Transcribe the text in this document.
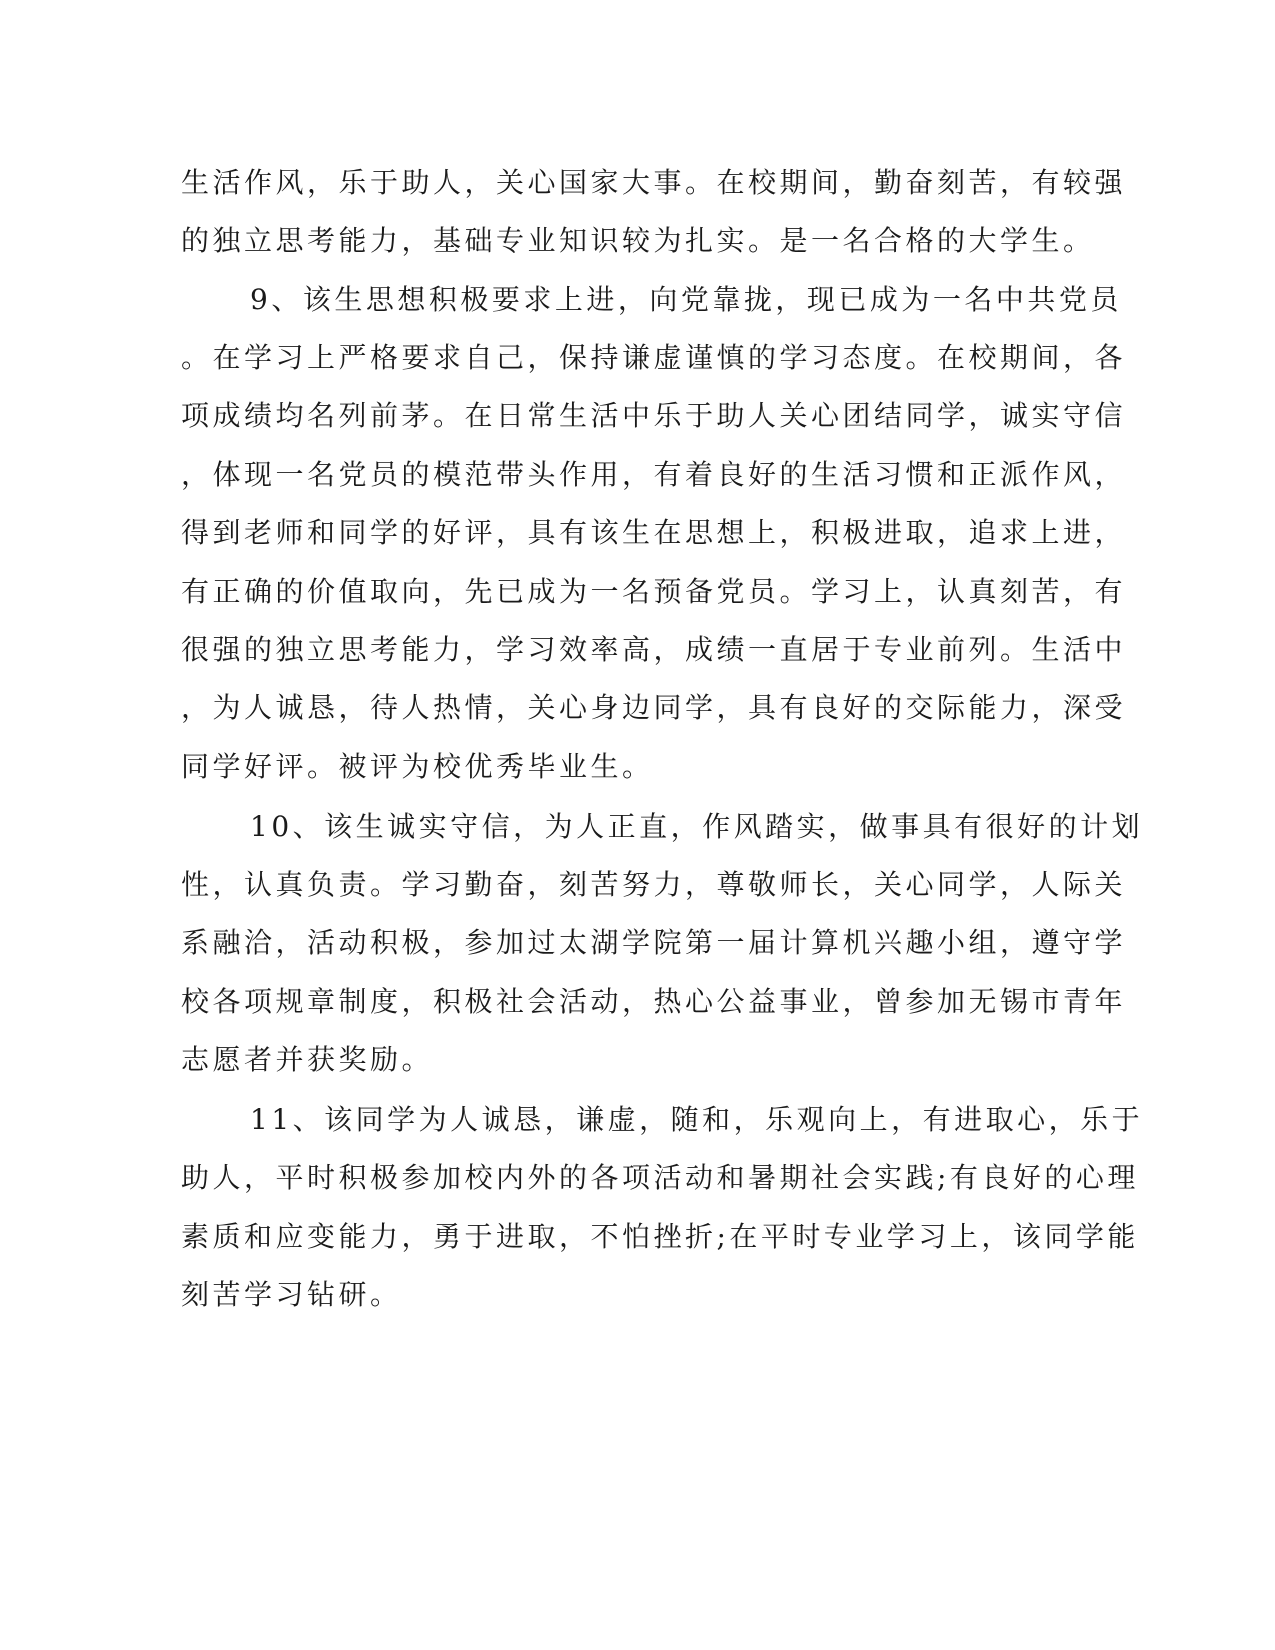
生活作风，乐于助人，关心国家大事。在校期间，勤奋刻苦，有较强
的独立思考能力，基础专业知识较为扎实。是一名合格的大学生。
9、该生思想积极要求上进，向党靠拢，现已成为一名中共党员
。在学习上严格要求自己，保持谦虚谨慎的学习态度。在校期间，各
项成绩均名列前茅。在日常生活中乐于助人关心团结同学，诚实守信
，体现一名党员的模范带头作用，有着良好的生活习惯和正派作风，
得到老师和同学的好评，具有该生在思想上，积极进取，追求上进，
有正确的价值取向，先已成为一名预备党员。学习上，认真刻苦，有
很强的独立思考能力，学习效率高，成绩一直居于专业前列。生活中
，为人诚恳，待人热情，关心身边同学，具有良好的交际能力，深受
同学好评。被评为校优秀毕业生。
10、该生诚实守信，为人正直，作风踏实，做事具有很好的计划
性，认真负责。学习勤奋，刻苦努力，尊敬师长，关心同学，人际关
系融洽，活动积极，参加过太湖学院第一届计算机兴趣小组，遵守学
校各项规章制度，积极社会活动，热心公益事业，曾参加无锡市青年
志愿者并获奖励。
11、该同学为人诚恳，谦虚，随和，乐观向上，有进取心，乐于
助人，平时积极参加校内外的各项活动和暑期社会实践;有良好的心理
素质和应变能力，勇于进取，不怕挫折;在平时专业学习上，该同学能
刻苦学习钻研。
